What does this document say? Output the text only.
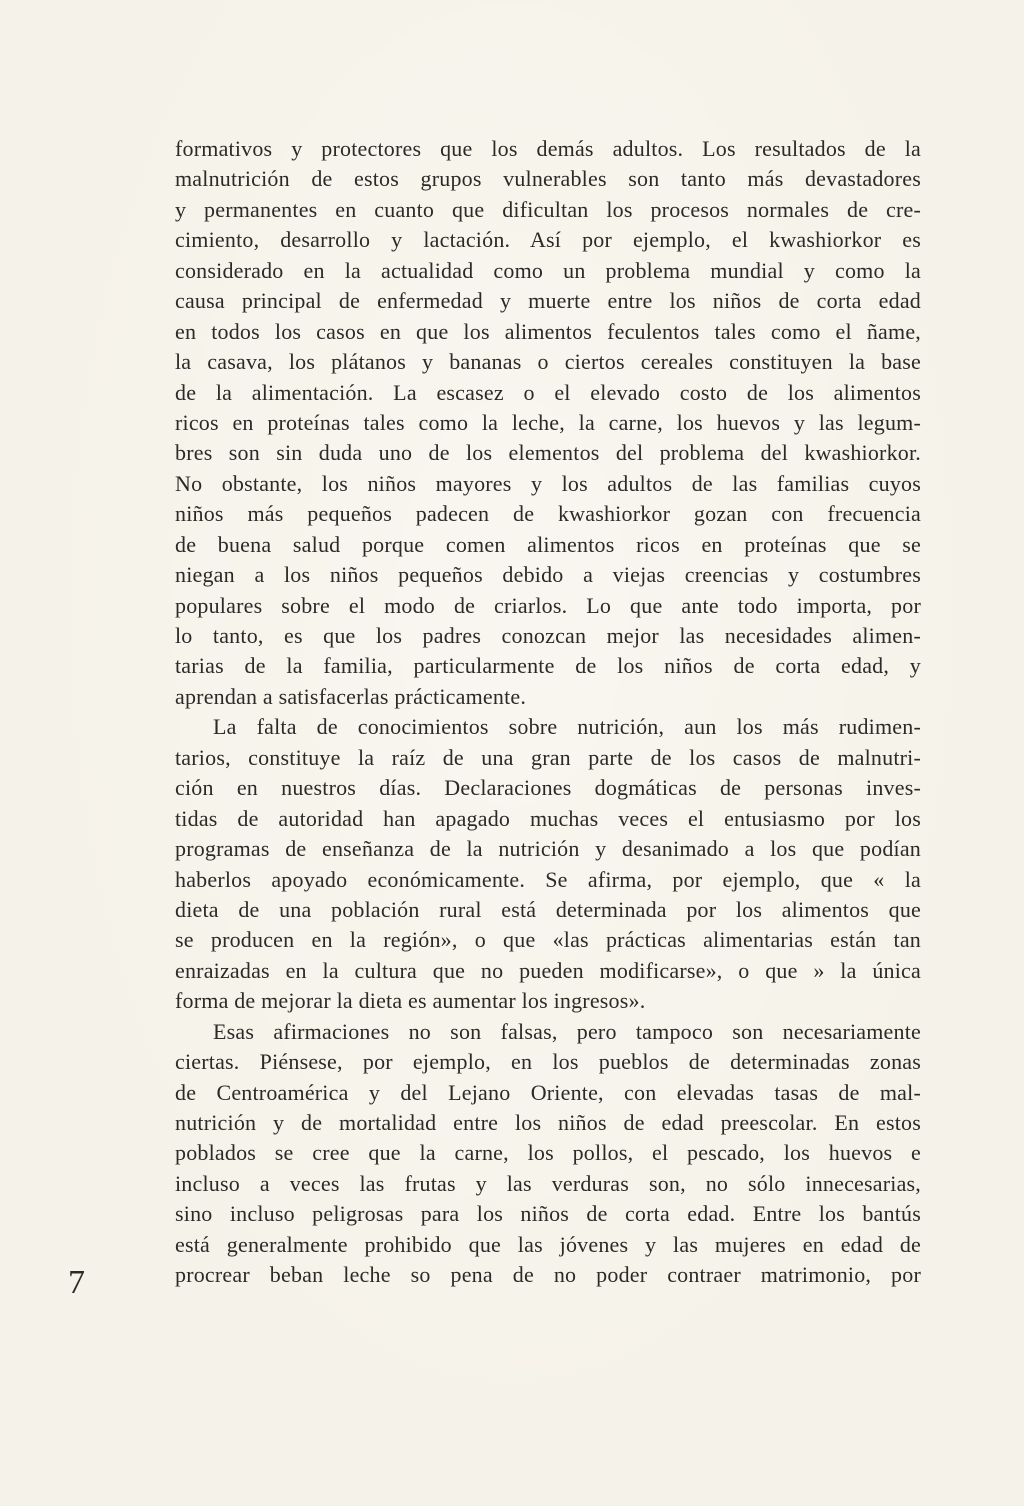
formativos y protectores que los demás adultos. Los resultados de la
malnutrición de estos grupos vulnerables son tanto más devastadores
y permanentes en cuanto que dificultan los procesos normales de cre-
cimiento, desarrollo y lactación. Así por ejemplo, el kwashiorkor es
considerado en la actualidad como un problema mundial y como la
causa principal de enfermedad y muerte entre los niños de corta edad
en todos los casos en que los alimentos feculentos tales como el ñame,
la casava, los plátanos y bananas o ciertos cereales constituyen la base
de la alimentación. La escasez o el elevado costo de los alimentos
ricos en proteínas tales como la leche, la carne, los huevos y las legum-
bres son sin duda uno de los elementos del problema del kwashiorkor.
No obstante, los niños mayores y los adultos de las familias cuyos
niños más pequeños padecen de kwashiorkor gozan con frecuencia
de buena salud porque comen alimentos ricos en proteínas que se
niegan a los niños pequeños debido a viejas creencias y costumbres
populares sobre el modo de criarlos. Lo que ante todo importa, por
lo tanto, es que los padres conozcan mejor las necesidades alimen-
tarias de la familia, particularmente de los niños de corta edad, y
aprendan a satisfacerlas prácticamente.
La falta de conocimientos sobre nutrición, aun los más rudimen-
tarios, constituye la raíz de una gran parte de los casos de malnutri-
ción en nuestros días. Declaraciones dogmáticas de personas inves-
tidas de autoridad han apagado muchas veces el entusiasmo por los
programas de enseñanza de la nutrición y desanimado a los que podían
haberlos apoyado económicamente. Se afirma, por ejemplo, que « la
dieta de una población rural está determinada por los alimentos que
se producen en la región», o que «las prácticas alimentarias están tan
enraizadas en la cultura que no pueden modificarse», o que » la única
forma de mejorar la dieta es aumentar los ingresos».
Esas afirmaciones no son falsas, pero tampoco son necesariamente
ciertas. Piénsese, por ejemplo, en los pueblos de determinadas zonas
de Centroamérica y del Lejano Oriente, con elevadas tasas de mal-
nutrición y de mortalidad entre los niños de edad preescolar. En estos
poblados se cree que la carne, los pollos, el pescado, los huevos e
incluso a veces las frutas y las verduras son, no sólo innecesarias,
sino incluso peligrosas para los niños de corta edad. Entre los bantús
está generalmente prohibido que las jóvenes y las mujeres en edad de
procrear beban leche so pena de no poder contraer matrimonio, por
7
